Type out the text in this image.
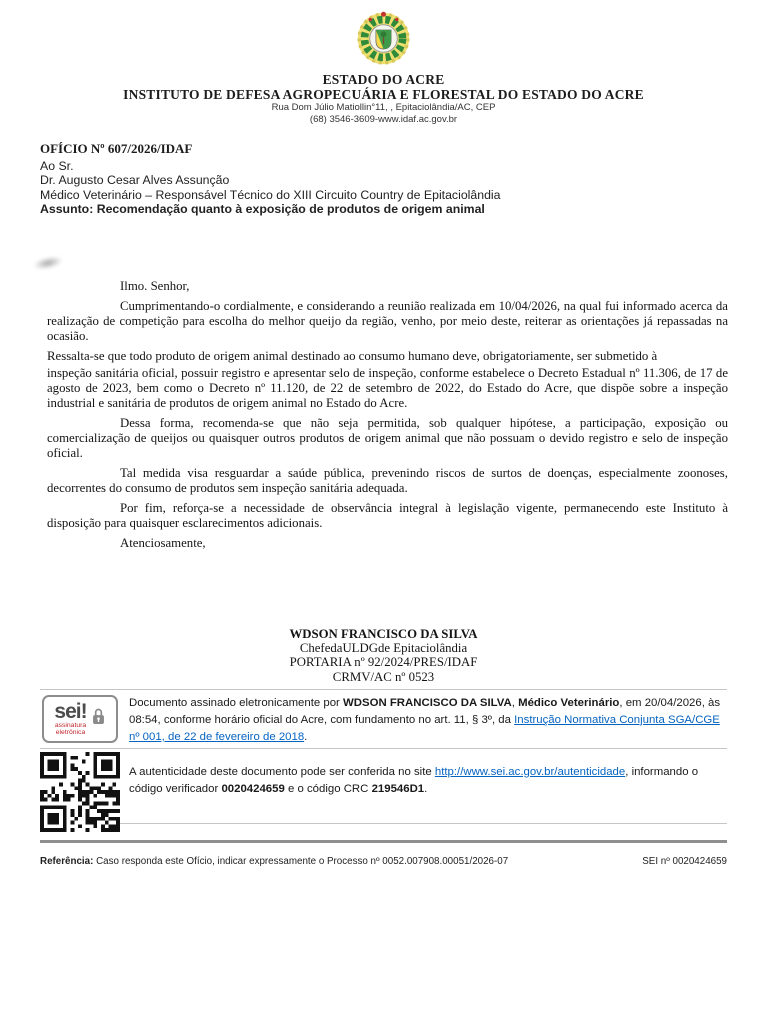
ESTADO DO ACRE
INSTITUTO DE DEFESA AGROPECUÁRIA E FLORESTAL DO ESTADO DO ACRE
Rua Dom Júlio Matiollin°11, , Epitaciolândia/AC, CEP
(68) 3546-3609-www.idaf.ac.gov.br
OFÍCIO Nº 607/2026/IDAF
Ao Sr.
Dr. Augusto Cesar Alves Assunção
Médico Veterinário – Responsável Técnico do XIII Circuito Country de Epitaciolândia
Assunto: Recomendação quanto à exposição de produtos de origem animal

Ilmo. Senhor,

Cumprimentando-o cordialmente, e considerando a reunião realizada em 10/04/2026, na qual fui informado acerca da realização de competição para escolha do melhor queijo da região, venho, por meio deste, reiterar as orientações já repassadas na ocasião.

Ressalta-se que todo produto de origem animal destinado ao consumo humano deve, obrigatoriamente, ser submetido à

inspeção sanitária oficial, possuir registro e apresentar selo de inspeção, conforme estabelece o Decreto Estadual nº 11.306, de 17 de agosto de 2023, bem como o Decreto nº 11.120, de 22 de setembro de 2022, do Estado do Acre, que dispõe sobre a inspeção industrial e sanitária de produtos de origem animal no Estado do Acre.

Dessa forma, recomenda-se que não seja permitida, sob qualquer hipótese, a participação, exposição ou comercialização de queijos ou quaisquer outros produtos de origem animal que não possuam o devido registro e selo de inspeção oficial.

Tal medida visa resguardar a saúde pública, prevenindo riscos de surtos de doenças, especialmente zoonoses, decorrentes do consumo de produtos sem inspeção sanitária adequada.

Por fim, reforça-se a necessidade de observância integral à legislação vigente, permanecendo este Instituto à disposição para quaisquer esclarecimentos adicionais.

Atenciosamente,

WDSON FRANCISCO DA SILVA
ChefedaULDGde Epitaciolândia
PORTARIA nº 92/2024/PRES/IDAF
CRMV/AC nº 0523
sei!
assinatura
eletrônica
Documento assinado eletronicamente por WDSON FRANCISCO DA SILVA, Médico Veterinário, em 20/04/2026, às 08:54, conforme horário oficial do Acre, com fundamento no art. 11, § 3º, da Instrução Normativa Conjunta SGA/CGE nº 001, de 22 de fevereiro de 2018.
A autenticidade deste documento pode ser conferida no site http://www.sei.ac.gov.br/autenticidade, informando o código verificador 0020424659 e o código CRC 219546D1.
Referência: Caso responda este Ofício, indicar expressamente o Processo nº 0052.007908.00051/2026-07	SEI nº 0020424659
